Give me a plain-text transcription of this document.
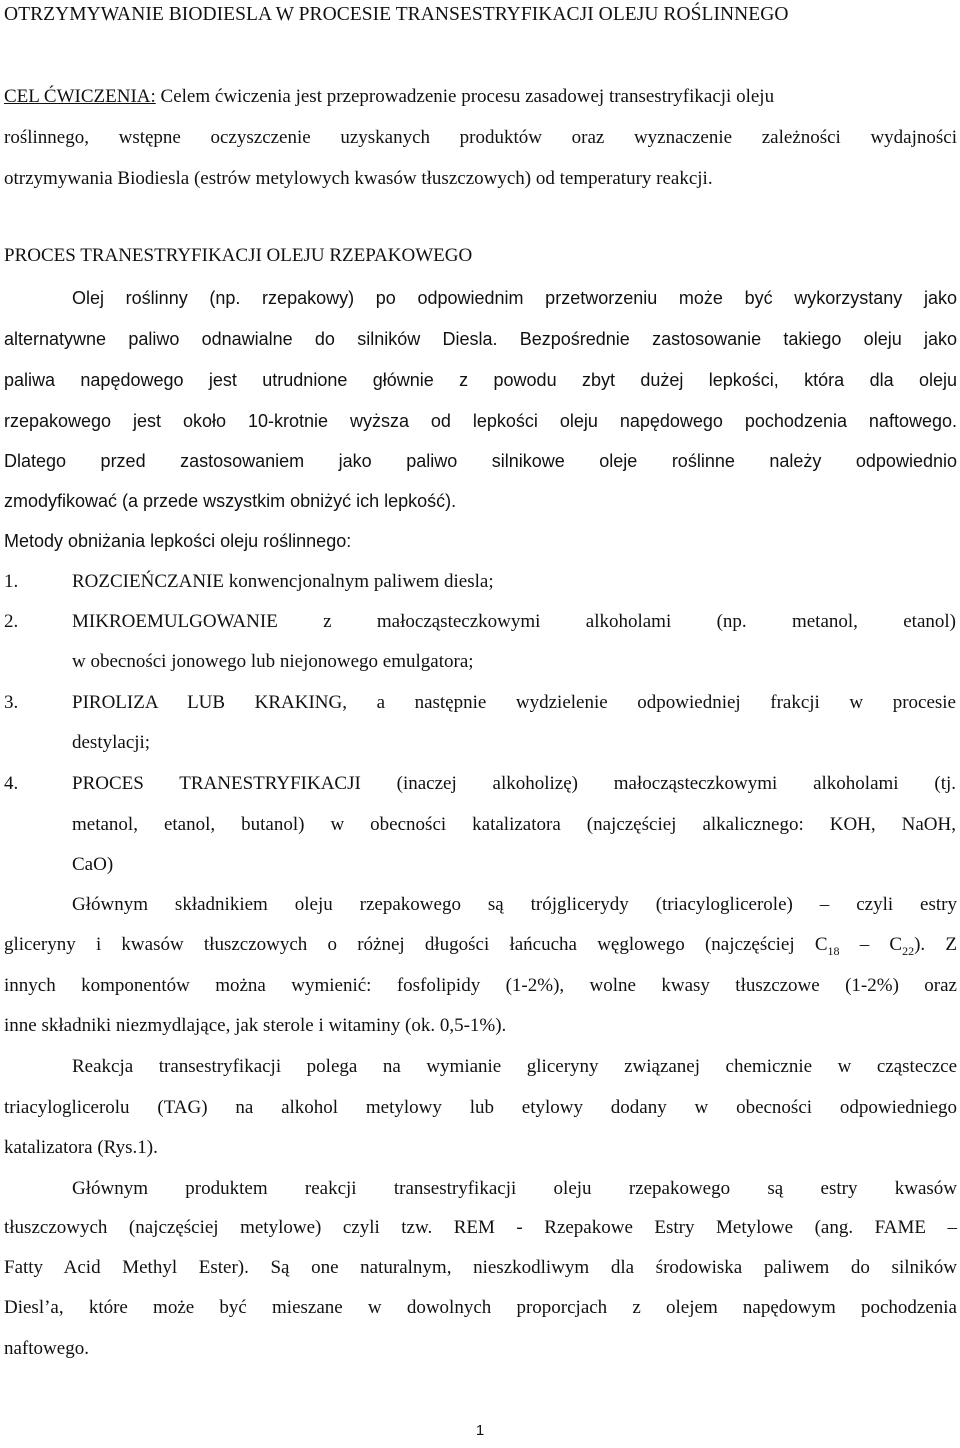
OTRZYMYWANIE BIODIESLA W PROCESIE TRANSESTRYFIKACJI OLEJU ROŚLINNEGO
CEL ĆWICZENIA: Celem ćwiczenia jest przeprowadzenie procesu zasadowej transestryfikacji oleju
roślinnego, wstępne oczyszczenie uzyskanych produktów oraz wyznaczenie zależności wydajności
otrzymywania Biodiesla (estrów metylowych kwasów tłuszczowych) od temperatury reakcji.
PROCES TRANESTRYFIKACJI OLEJU RZEPAKOWEGO
Olej roślinny (np. rzepakowy) po odpowiednim przetworzeniu może być wykorzystany jako
alternatywne paliwo odnawialne do silników Diesla. Bezpośrednie zastosowanie takiego oleju jako
paliwa napędowego jest utrudnione głównie z powodu zbyt dużej lepkości, która dla oleju
rzepakowego jest około 10-krotnie wyższa od lepkości oleju napędowego pochodzenia naftowego.
Dlatego przed zastosowaniem jako paliwo silnikowe oleje roślinne należy odpowiednio
zmodyfikować (a przede wszystkim obniżyć ich lepkość).
Metody obniżania lepkości oleju roślinnego:
1.	ROZCIEŃCZANIE konwencjonalnym paliwem diesla;
2.	MIKROEMULGOWANIE z małocząsteczkowymi alkoholami (np. metanol, etanol)
w obecności jonowego lub niejonowego emulgatora;
3.	PIROLIZA LUB KRAKING, a następnie wydzielenie odpowiedniej frakcji w procesie
destylacji;
4.	PROCES TRANESTRYFIKACJI (inaczej alkoholizę) małocząsteczkowymi alkoholami (tj.
metanol, etanol, butanol) w obecności katalizatora (najczęściej alkalicznego: KOH, NaOH,
CaO)
Głównym składnikiem oleju rzepakowego są trójglicerydy (triacyloglicerole) – czyli estry
gliceryny i kwasów tłuszczowych o różnej długości łańcucha węglowego (najczęściej $C_{18} - C_{22}$). Z
innych komponentów można wymienić: fosfolipidy (1-2%), wolne kwasy tłuszczowe (1-2%) oraz
inne składniki niezmydlające, jak sterole i witaminy (ok. 0,5-1%).
Reakcja transestryfikacji polega na wymianie gliceryny związanej chemicznie w cząsteczce
triacyloglicerolu (TAG) na alkohol metylowy lub etylowy dodany w obecności odpowiedniego
katalizatora (Rys.1).
Głównym produktem reakcji transestryfikacji oleju rzepakowego są estry kwasów
tłuszczowych (najczęściej metylowe) czyli tzw. REM - Rzepakowe Estry Metylowe (ang. FAME –
Fatty Acid Methyl Ester). Są one naturalnym, nieszkodliwym dla środowiska paliwem do silników
Diesl’a, które może być mieszane w dowolnych proporcjach z olejem napędowym pochodzenia
naftowego.
1
